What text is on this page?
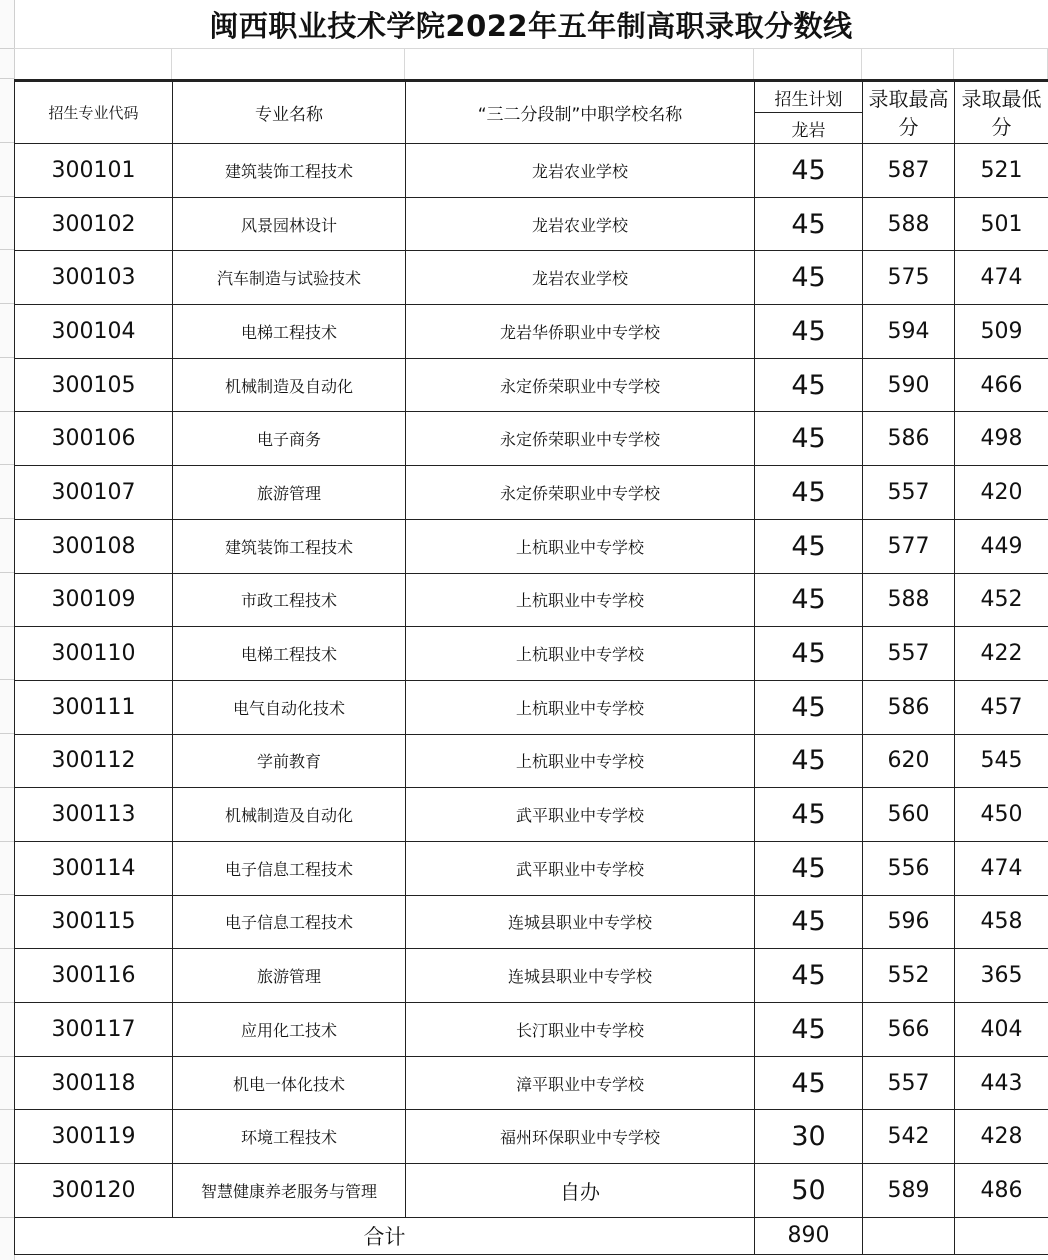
闽西职业技术学院2022年五年制高职录取分数线
招生专业代码	专业名称	“三二分段制”中职学校名称	招生计划	录取最高分	录取最低分
			龙岩		
300101	建筑装饰工程技术	龙岩农业学校	45	587	521
300102	风景园林设计	龙岩农业学校	45	588	501
300103	汽车制造与试验技术	龙岩农业学校	45	575	474
300104	电梯工程技术	龙岩华侨职业中专学校	45	594	509
300105	机械制造及自动化	永定侨荣职业中专学校	45	590	466
300106	电子商务	永定侨荣职业中专学校	45	586	498
300107	旅游管理	永定侨荣职业中专学校	45	557	420
300108	建筑装饰工程技术	上杭职业中专学校	45	577	449
300109	市政工程技术	上杭职业中专学校	45	588	452
300110	电梯工程技术	上杭职业中专学校	45	557	422
300111	电气自动化技术	上杭职业中专学校	45	586	457
300112	学前教育	上杭职业中专学校	45	620	545
300113	机械制造及自动化	武平职业中专学校	45	560	450
300114	电子信息工程技术	武平职业中专学校	45	556	474
300115	电子信息工程技术	连城县职业中专学校	45	596	458
300116	旅游管理	连城县职业中专学校	45	552	365
300117	应用化工技术	长汀职业中专学校	45	566	404
300118	机电一体化技术	漳平职业中专学校	45	557	443
300119	环境工程技术	福州环保职业中专学校	30	542	428
300120	智慧健康养老服务与管理	自办	50	589	486
合计			890		
